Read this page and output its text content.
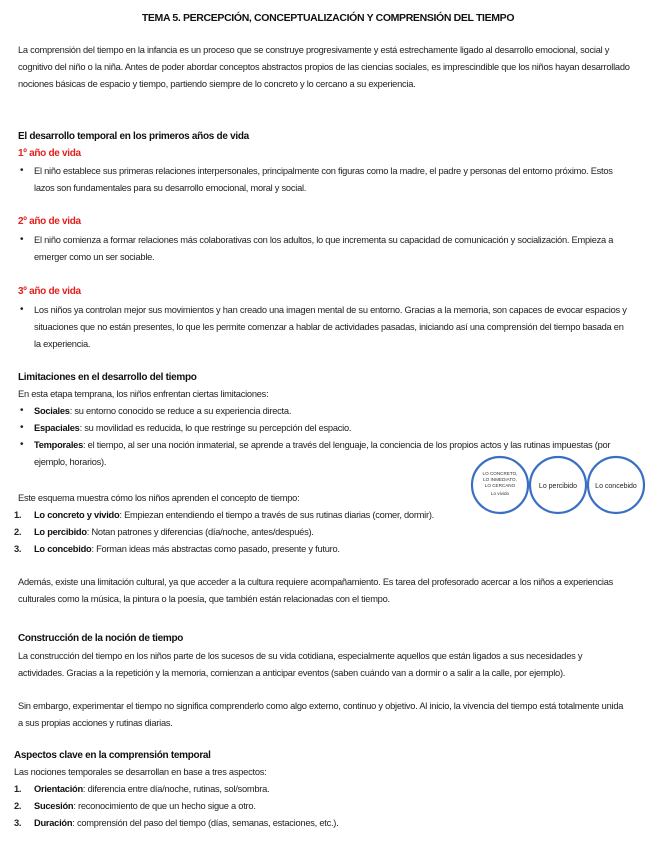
TEMA 5. PERCEPCIÓN, CONCEPTUALIZACIÓN Y COMPRENSIÓN DEL TIEMPO

La comprensión del tiempo en la infancia es un proceso que se construye progresivamente y está estrechamente ligado al desarrollo emocional, social y cognitivo del niño o la niña. Antes de poder abordar conceptos abstractos propios de las ciencias sociales, es imprescindible que los niños hayan desarrollado nociones básicas de espacio y tiempo, partiendo siempre de lo concreto y lo cercano a su experiencia.

El desarrollo temporal en los primeros años de vida
1º año de vida

• El niño establece sus primeras relaciones interpersonales, principalmente con figuras como la madre, el padre y personas del entorno próximo. Estos lazos son fundamentales para su desarrollo emocional, moral y social.

2º año de vida

• El niño comienza a formar relaciones más colaborativas con los adultos, lo que incrementa su capacidad de comunicación y socialización. Empieza a emerger como un ser sociable.

3º año de vida

• Los niños ya controlan mejor sus movimientos y han creado una imagen mental de su entorno. Gracias a la memoria, son capaces de evocar espacios y situaciones que no están presentes, lo que les permite comenzar a hablar de actividades pasadas, iniciando así una comprensión del tiempo basada en la experiencia.

Limitaciones en el desarrollo del tiempo

En esta etapa temprana, los niños enfrentan ciertas limitaciones:

• Sociales: su entorno conocido se reduce a su experiencia directa.

• Espaciales: su movilidad es reducida, lo que restringe su percepción del espacio.

• Temporales: el tiempo, al ser una noción inmaterial, se aprende a través del lenguaje, la conciencia de los propios actos y las rutinas impuestas (por ejemplo, horarios).

Este esquema muestra cómo los niños aprenden el concepto de tiempo:

1. Lo concreto y vivido: Empiezan entendiendo el tiempo a través de sus rutinas diarias (comer, dormir).

2. Lo percibido: Notan patrones y diferencias (día/noche, antes/después).

3. Lo concebido: Forman ideas más abstractas como pasado, presente y futuro.

LO CONCRETO,
LO INMEDIATO,
LO CERCANO
Lo vivido
Lo percibido	Lo concebido

Además, existe una limitación cultural, ya que acceder a la cultura requiere acompañamiento. Es tarea del profesorado acercar a los niños a experiencias culturales como la música, la pintura o la poesía, que también están relacionadas con el tiempo.

Construcción de la noción de tiempo

La construcción del tiempo en los niños parte de los sucesos de su vida cotidiana, especialmente aquellos que están ligados a sus necesidades y actividades. Gracias a la repetición y la memoria, comienzan a anticipar eventos (saben cuándo van a dormir o a salir a la calle, por ejemplo).

Sin embargo, experimentar el tiempo no significa comprenderlo como algo externo, continuo y objetivo. Al inicio, la vivencia del tiempo está totalmente unida a sus propias acciones y rutinas diarias.

Aspectos clave en la comprensión temporal

Las nociones temporales se desarrollan en base a tres aspectos:

1. Orientación: diferencia entre día/noche, rutinas, sol/sombra.

2. Sucesión: reconocimiento de que un hecho sigue a otro.

3. Duración: comprensión del paso del tiempo (días, semanas, estaciones, etc.).
